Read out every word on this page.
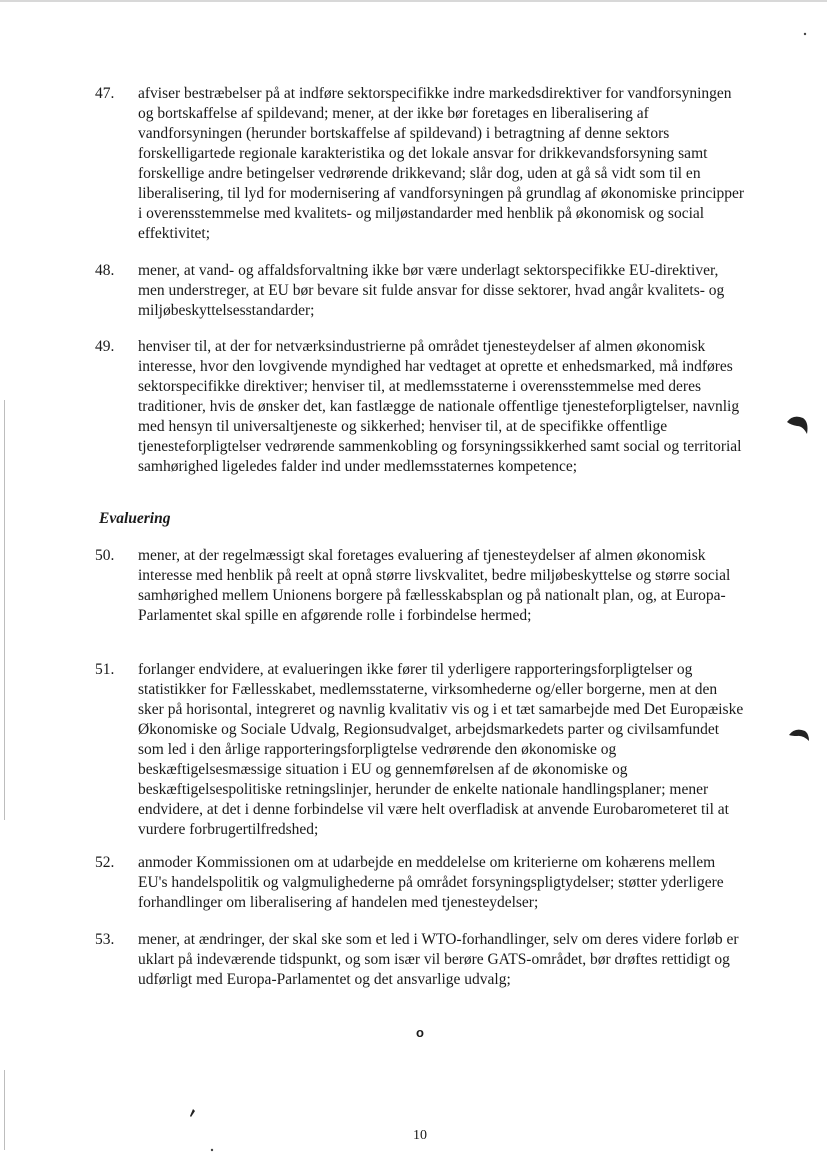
47.	afviser bestræbelser på at indføre sektorspecifikke indre markedsdirektiver for vandforsyningen og bortskaffelse af spildevand; mener, at der ikke bør foretages en liberalisering af vandforsyningen (herunder bortskaffelse af spildevand) i betragtning af denne sektors forskelligartede regionale karakteristika og det lokale ansvar for drikkevandsforsyning samt forskellige andre betingelser vedrørende drikkevand; slår dog, uden at gå så vidt som til en liberalisering, til lyd for modernisering af vandforsyningen på grundlag af økonomiske principper i overensstemmelse med kvalitets- og miljøstandarder med henblik på økonomisk og social effektivitet;
48.	mener, at vand- og affaldsforvaltning ikke bør være underlagt sektorspecifikke EU-direktiver, men understreger, at EU bør bevare sit fulde ansvar for disse sektorer, hvad angår kvalitets- og miljøbeskyttelsesstandarder;
49.	henviser til, at der for netværksindustrierne på området tjenesteydelser af almen økonomisk interesse, hvor den lovgivende myndighed har vedtaget at oprette et enhedsmarked, må indføres sektorspecifikke direktiver; henviser til, at medlemsstaterne i overensstemmelse med deres traditioner, hvis de ønsker det, kan fastlægge de nationale offentlige tjenesteforpligtelser, navnlig med hensyn til universaltjeneste og sikkerhed; henviser til, at de specifikke offentlige tjenesteforpligtelser vedrørende sammenkobling og forsyningssikkerhed samt social og territorial samhørighed ligeledes falder ind under medlemsstaternes kompetence;
Evaluering
50.	mener, at der regelmæssigt skal foretages evaluering af tjenesteydelser af almen økonomisk interesse med henblik på reelt at opnå større livskvalitet, bedre miljøbeskyttelse og større social samhørighed mellem Unionens borgere på fællesskabsplan og på nationalt plan, og, at Europa-Parlamentet skal spille en afgørende rolle i forbindelse hermed;
51.	forlanger endvidere, at evalueringen ikke fører til yderligere rapporteringsforpligtelser og statistikker for Fællesskabet, medlemsstaterne, virksomhederne og/eller borgerne, men at den sker på horisontal, integreret og navnlig kvalitativ vis og i et tæt samarbejde med Det Europæiske Økonomiske og Sociale Udvalg, Regionsudvalget, arbejdsmarkedets parter og civilsamfundet som led i den årlige rapporteringsforpligtelse vedrørende den økonomiske og beskæftigelsesmæssige situation i EU og gennemførelsen af de økonomiske og beskæftigelsespolitiske retningslinjer, herunder de enkelte nationale handlingsplaner; mener endvidere, at det i denne forbindelse vil være helt overfladisk at anvende Eurobarometeret til at vurdere forbrugertilfredshed;
52.	anmoder Kommissionen om at udarbejde en meddelelse om kriterierne om kohærens mellem EU's handelspolitik og valgmulighederne på området forsyningspligtydelser; støtter yderligere forhandlinger om liberalisering af handelen med tjenesteydelser;
53.	mener, at ændringer, der skal ske som et led i WTO-forhandlinger, selv om deres videre forløb er uklart på indeværende tidspunkt, og som især vil berøre GATS-området, bør drøftes rettidigt og udførligt med Europa-Parlamentet og det ansvarlige udvalg;
o
10
